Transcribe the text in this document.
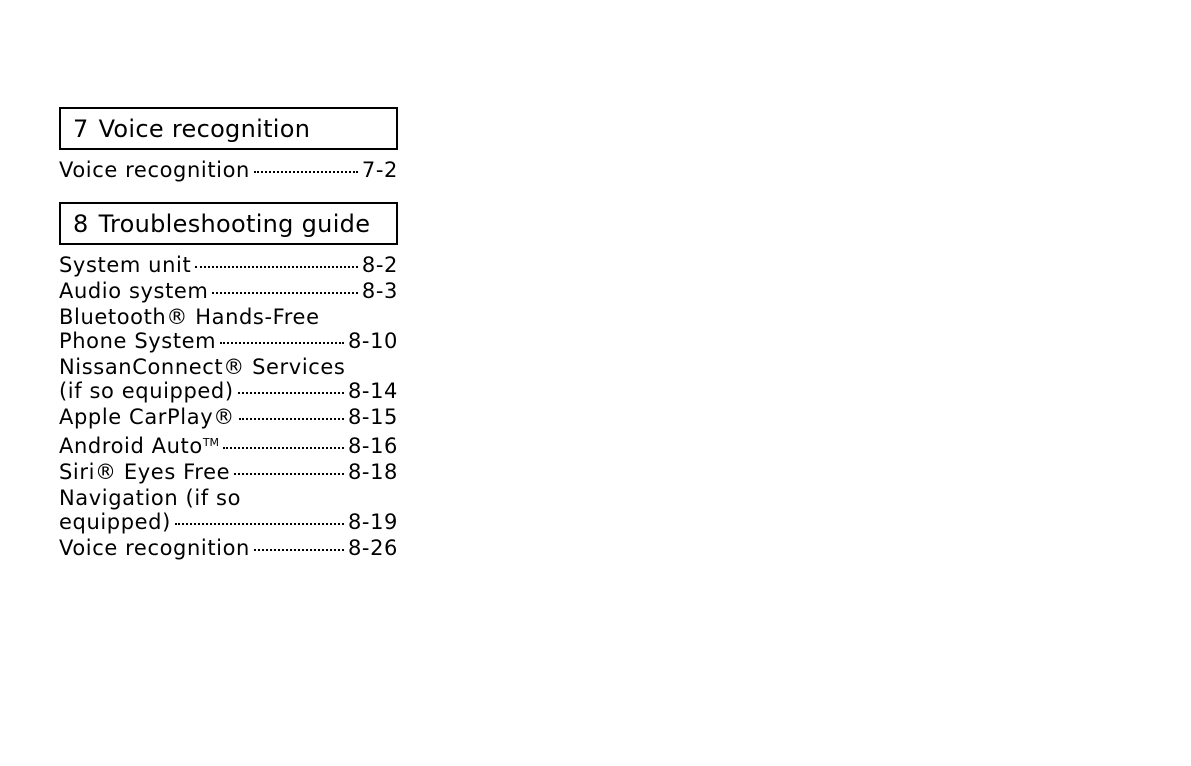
7 Voice recognition
Voice recognition	7-2
8 Troubleshooting guide
System unit	8-2
Audio system	8-3
Bluetooth® Hands-Free
Phone System	8-10
NissanConnect® Services
(if so equipped)	8-14
Apple CarPlay®	8-15
Android Auto™	8-16
Siri® Eyes Free	8-18
Navigation (if so
equipped)	8-19
Voice recognition	8-26
